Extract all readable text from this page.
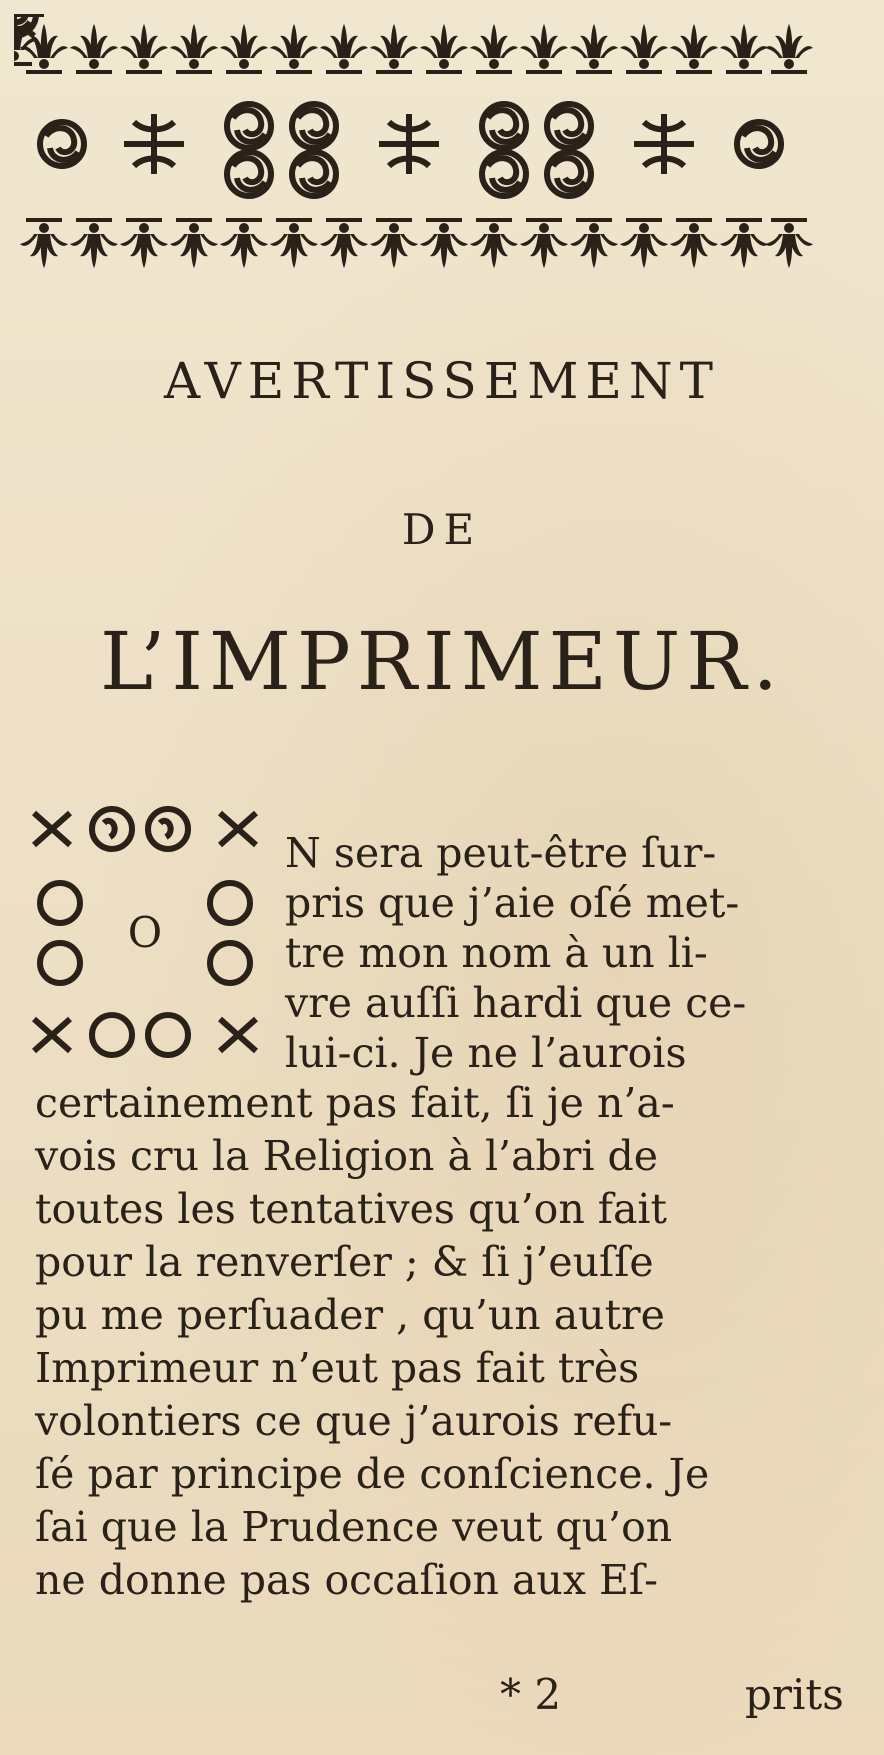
AVERTISSEMENT
DE
L’IMPRIMEUR.
O
N sera peut-être ſur-
pris que j’aie oſé met-
tre mon nom à un li-
vre auſſi hardi que ce-
lui-ci. Je ne l’aurois
certainement pas fait, ſi je n’a-
vois cru la Religion à l’abri de
toutes les tentatives qu’on fait
pour la renverſer ; & ſi j’euſſe
pu me perſuader , qu’un autre
Imprimeur n’eut pas fait très
volontiers ce que j’aurois refu-
ſé par principe de conſcience. Je
ſai que la Prudence veut qu’on
ne donne pas occaſion aux Eſ-
* 2	prits
